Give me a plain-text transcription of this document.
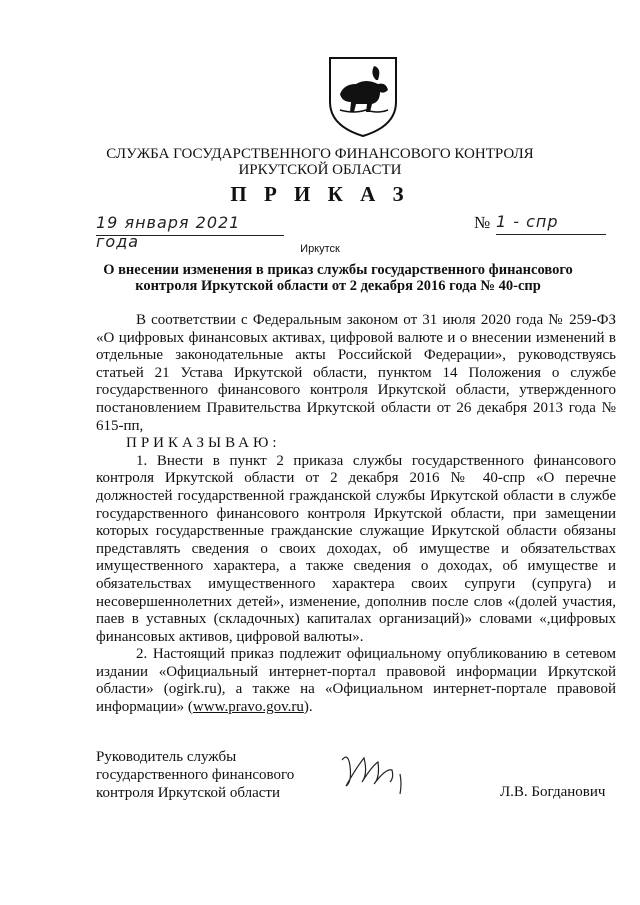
СЛУЖБА ГОСУДАРСТВЕННОГО ФИНАНСОВОГО КОНТРОЛЯ
ИРКУТСКОЙ ОБЛАСТИ
П Р И К А З
19 января 2021 года
№ 1 - спр
Иркутск
О внесении изменения в приказ службы государственного финансового контроля Иркутской области от 2 декабря 2016 года № 40-спр

В соответствии с Федеральным законом от 31 июля 2020 года № 259-ФЗ «О цифровых финансовых активах, цифровой валюте и о внесении изменений в отдельные законодательные акты Российской Федерации», руководствуясь статьей 21 Устава Иркутской области, пунктом 14 Положения о службе государственного финансового контроля Иркутской области, утвержденного постановлением Правительства Иркутской области от 26 декабря 2013 года № 615-пп,

ПРИКАЗЫВАЮ:

1. Внести в пункт 2 приказа службы государственного финансового контроля Иркутской области от 2 декабря 2016 № 40-спр «О перечне должностей государственной гражданской службы Иркутской области в службе государственного финансового контроля Иркутской области, при замещении которых государственные гражданские служащие Иркутской области обязаны представлять сведения о своих доходах, об имуществе и обязательствах имущественного характера, а также сведения о доходах, об имуществе и обязательствах имущественного характера своих супруги (супруга) и несовершеннолетних детей», изменение, дополнив после слов «(долей участия, паев в уставных (складочных) капиталах организаций)» словами «,цифровых финансовых активов, цифровой валюты».

2. Настоящий приказ подлежит официальному опубликованию в сетевом издании «Официальный интернет-портал правовой информации Иркутской области» (ogirk.ru), а также на «Официальном интернет-портале правовой информации» (www.pravo.gov.ru).

Руководитель службы
государственного финансового
контроля Иркутской области	Л.В. Богданович
